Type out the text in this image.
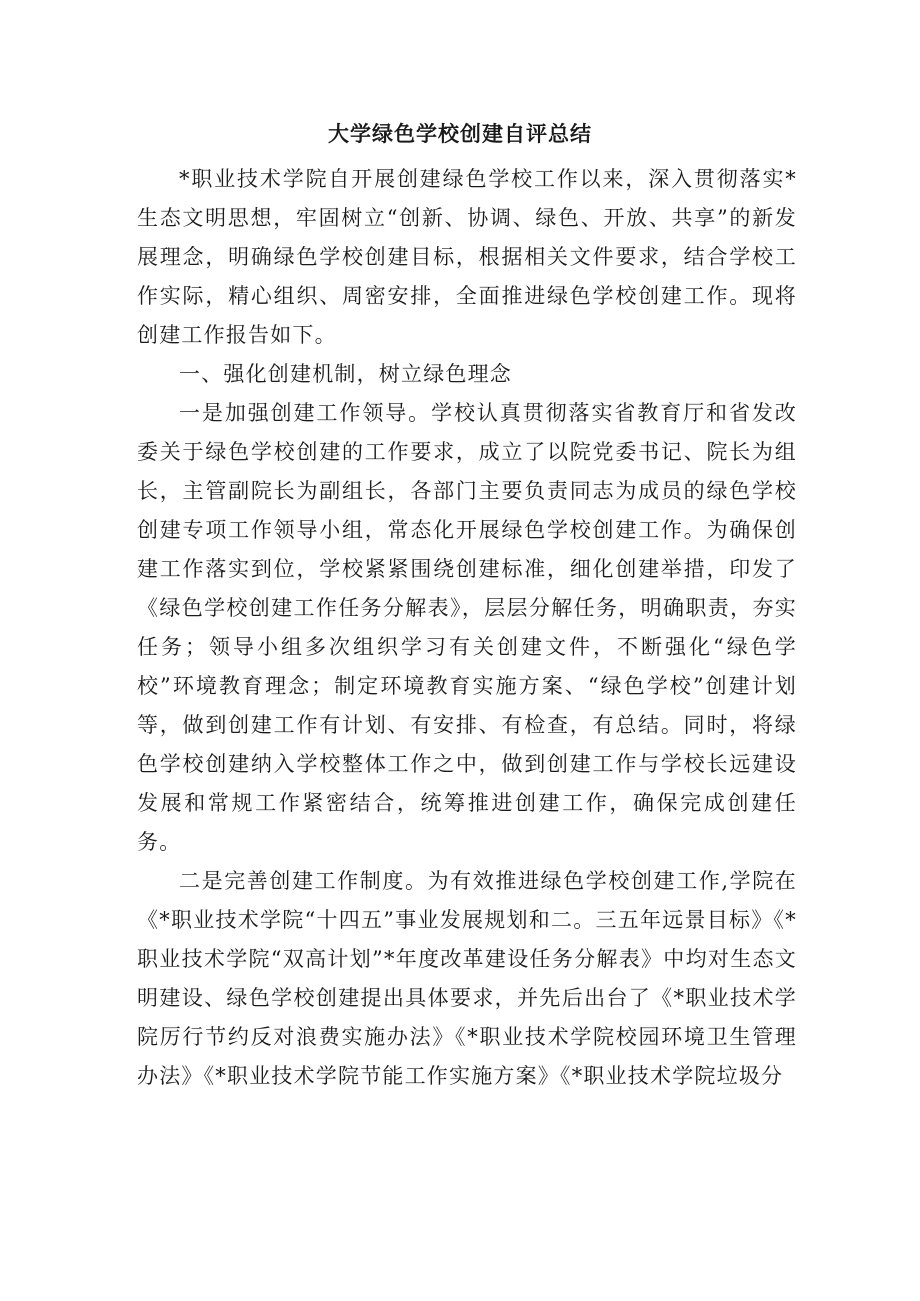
大学绿色学校创建自评总结

*职业技术学院自开展创建绿色学校工作以来，深入贯彻落实*生态文明思想，牢固树立“创新、协调、绿色、开放、共享”的新发展理念，明确绿色学校创建目标，根据相关文件要求，结合学校工作实际，精心组织、周密安排，全面推进绿色学校创建工作。现将创建工作报告如下。

一、强化创建机制，树立绿色理念

一是加强创建工作领导。学校认真贯彻落实省教育厅和省发改委关于绿色学校创建的工作要求，成立了以院党委书记、院长为组长，主管副院长为副组长，各部门主要负责同志为成员的绿色学校创建专项工作领导小组，常态化开展绿色学校创建工作。为确保创建工作落实到位，学校紧紧围绕创建标准，细化创建举措，印发了《绿色学校创建工作任务分解表》，层层分解任务，明确职责，夯实任务；领导小组多次组织学习有关创建文件，不断强化“绿色学校”环境教育理念；制定环境教育实施方案、“绿色学校”创建计划等，做到创建工作有计划、有安排、有检查，有总结。同时，将绿色学校创建纳入学校整体工作之中，做到创建工作与学校长远建设发展和常规工作紧密结合，统筹推进创建工作，确保完成创建任务。

二是完善创建工作制度。为有效推进绿色学校创建工作,学院在《*职业技术学院“十四五”事业发展规划和二。三五年远景目标》《*职业技术学院“双高计划”*年度改革建设任务分解表》中均对生态文明建设、绿色学校创建提出具体要求，并先后出台了《*职业技术学院厉行节约反对浪费实施办法》《*职业技术学院校园环境卫生管理办法》《*职业技术学院节能工作实施方案》《*职业技术学院垃圾分
